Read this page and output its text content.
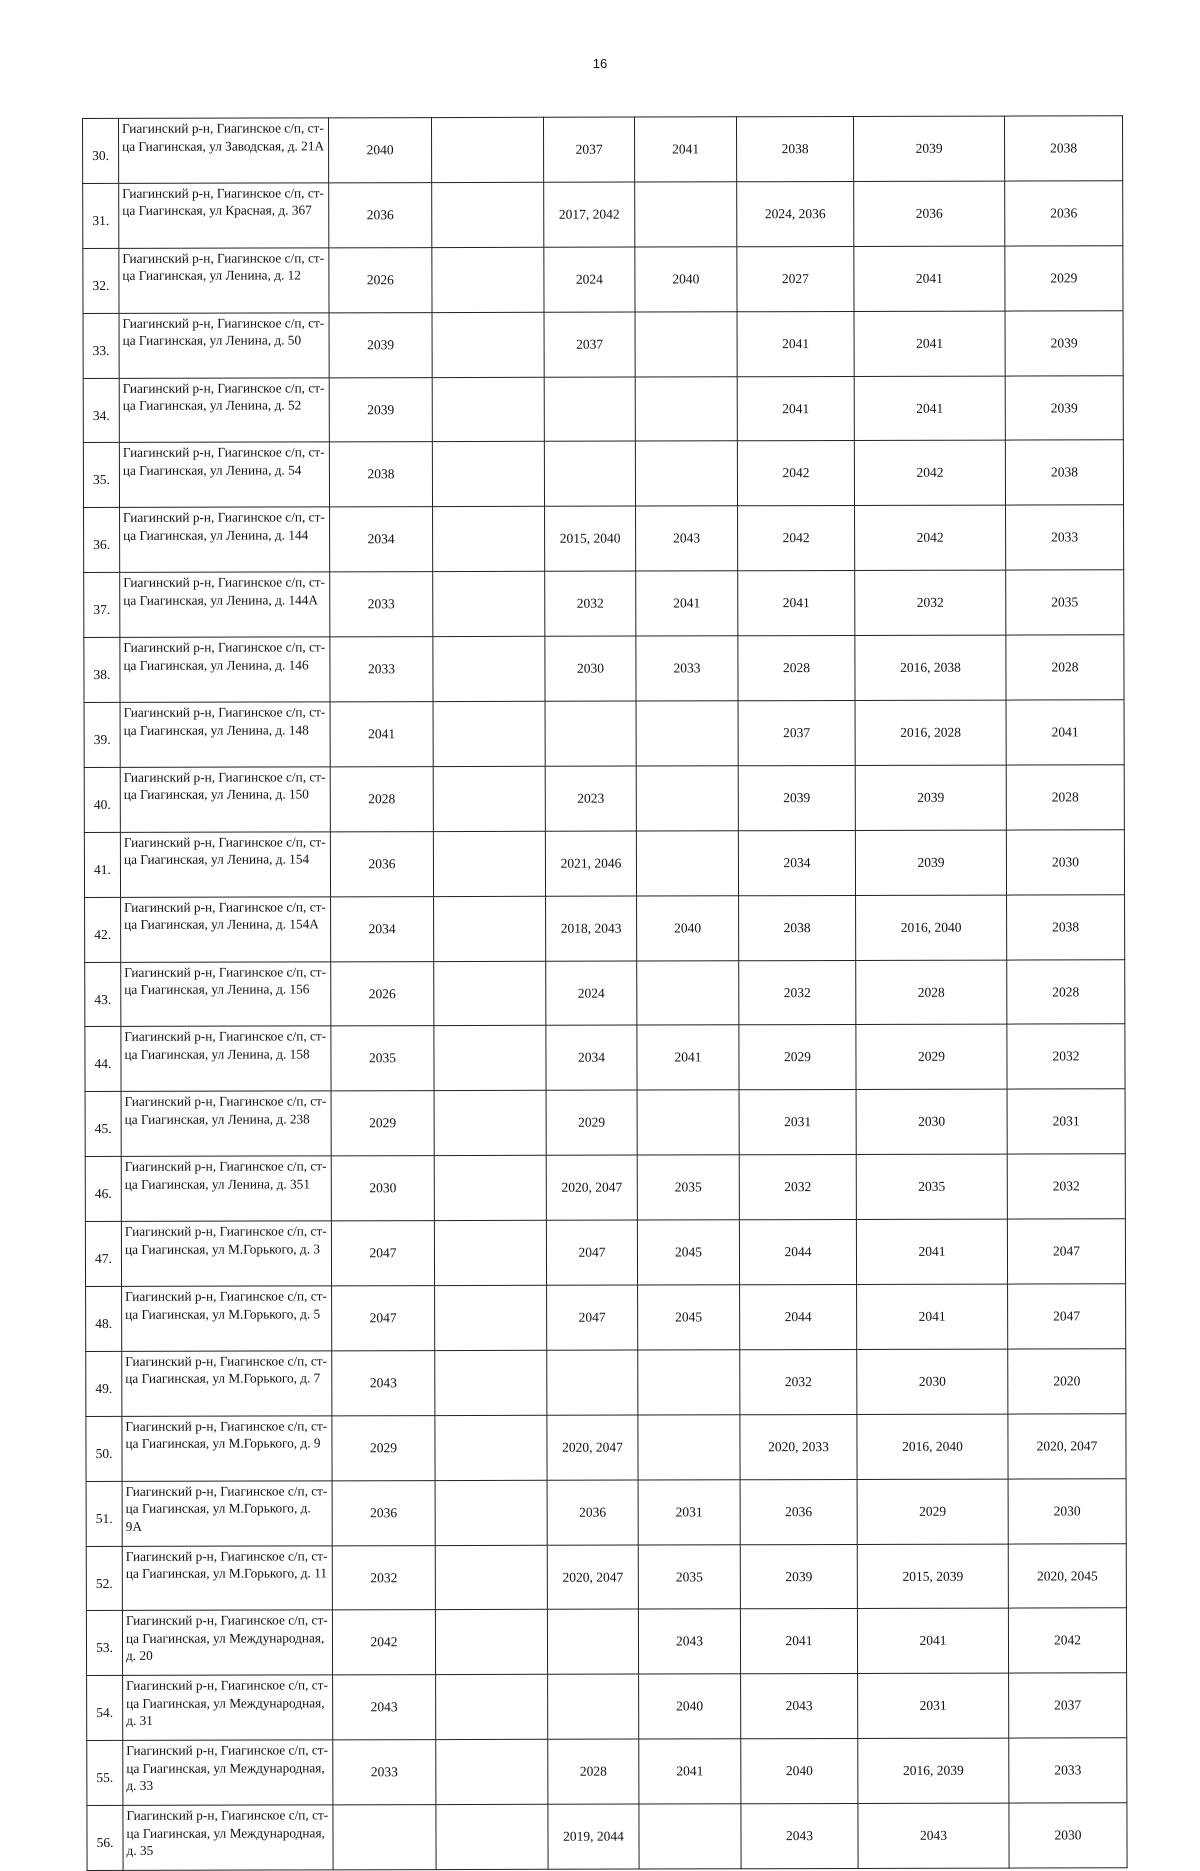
16
30.	Гиагинский р-н, Гиагинское с/п, ст-ца Гиагинская, ул Заводская, д. 21А	2040		2037	2041	2038	2039	2038
31.	Гиагинский р-н, Гиагинское с/п, ст-ца Гиагинская, ул Красная, д. 367	2036		2017, 2042		2024, 2036	2036	2036
32.	Гиагинский р-н, Гиагинское с/п, ст-ца Гиагинская, ул Ленина, д. 12	2026		2024	2040	2027	2041	2029
33.	Гиагинский р-н, Гиагинское с/п, ст-ца Гиагинская, ул Ленина, д. 50	2039		2037		2041	2041	2039
34.	Гиагинский р-н, Гиагинское с/п, ст-ца Гиагинская, ул Ленина, д. 52	2039				2041	2041	2039
35.	Гиагинский р-н, Гиагинское с/п, ст-ца Гиагинская, ул Ленина, д. 54	2038				2042	2042	2038
36.	Гиагинский р-н, Гиагинское с/п, ст-ца Гиагинская, ул Ленина, д. 144	2034		2015, 2040	2043	2042	2042	2033
37.	Гиагинский р-н, Гиагинское с/п, ст-ца Гиагинская, ул Ленина, д. 144А	2033		2032	2041	2041	2032	2035
38.	Гиагинский р-н, Гиагинское с/п, ст-ца Гиагинская, ул Ленина, д. 146	2033		2030	2033	2028	2016, 2038	2028
39.	Гиагинский р-н, Гиагинское с/п, ст-ца Гиагинская, ул Ленина, д. 148	2041				2037	2016, 2028	2041
40.	Гиагинский р-н, Гиагинское с/п, ст-ца Гиагинская, ул Ленина, д. 150	2028		2023		2039	2039	2028
41.	Гиагинский р-н, Гиагинское с/п, ст-ца Гиагинская, ул Ленина, д. 154	2036		2021, 2046		2034	2039	2030
42.	Гиагинский р-н, Гиагинское с/п, ст-ца Гиагинская, ул Ленина, д. 154А	2034		2018, 2043	2040	2038	2016, 2040	2038
43.	Гиагинский р-н, Гиагинское с/п, ст-ца Гиагинская, ул Ленина, д. 156	2026		2024		2032	2028	2028
44.	Гиагинский р-н, Гиагинское с/п, ст-ца Гиагинская, ул Ленина, д. 158	2035		2034	2041	2029	2029	2032
45.	Гиагинский р-н, Гиагинское с/п, ст-ца Гиагинская, ул Ленина, д. 238	2029		2029		2031	2030	2031
46.	Гиагинский р-н, Гиагинское с/п, ст-ца Гиагинская, ул Ленина, д. 351	2030		2020, 2047	2035	2032	2035	2032
47.	Гиагинский р-н, Гиагинское с/п, ст-ца Гиагинская, ул М.Горького, д. 3	2047		2047	2045	2044	2041	2047
48.	Гиагинский р-н, Гиагинское с/п, ст-ца Гиагинская, ул М.Горького, д. 5	2047		2047	2045	2044	2041	2047
49.	Гиагинский р-н, Гиагинское с/п, ст-ца Гиагинская, ул М.Горького, д. 7	2043				2032	2030	2020
50.	Гиагинский р-н, Гиагинское с/п, ст-ца Гиагинская, ул М.Горького, д. 9	2029		2020, 2047		2020, 2033	2016, 2040	2020, 2047
51.	Гиагинский р-н, Гиагинское с/п, ст-ца Гиагинская, ул М.Горького, д. 9А	2036		2036	2031	2036	2029	2030
52.	Гиагинский р-н, Гиагинское с/п, ст-ца Гиагинская, ул М.Горького, д. 11	2032		2020, 2047	2035	2039	2015, 2039	2020, 2045
53.	Гиагинский р-н, Гиагинское с/п, ст-ца Гиагинская, ул Международная, д. 20	2042			2043	2041	2041	2042
54.	Гиагинский р-н, Гиагинское с/п, ст-ца Гиагинская, ул Международная, д. 31	2043			2040	2043	2031	2037
55.	Гиагинский р-н, Гиагинское с/п, ст-ца Гиагинская, ул Международная, д. 33	2033		2028	2041	2040	2016, 2039	2033
56.	Гиагинский р-н, Гиагинское с/п, ст-ца Гиагинская, ул Международная, д. 35			2019, 2044		2043	2043	2030
